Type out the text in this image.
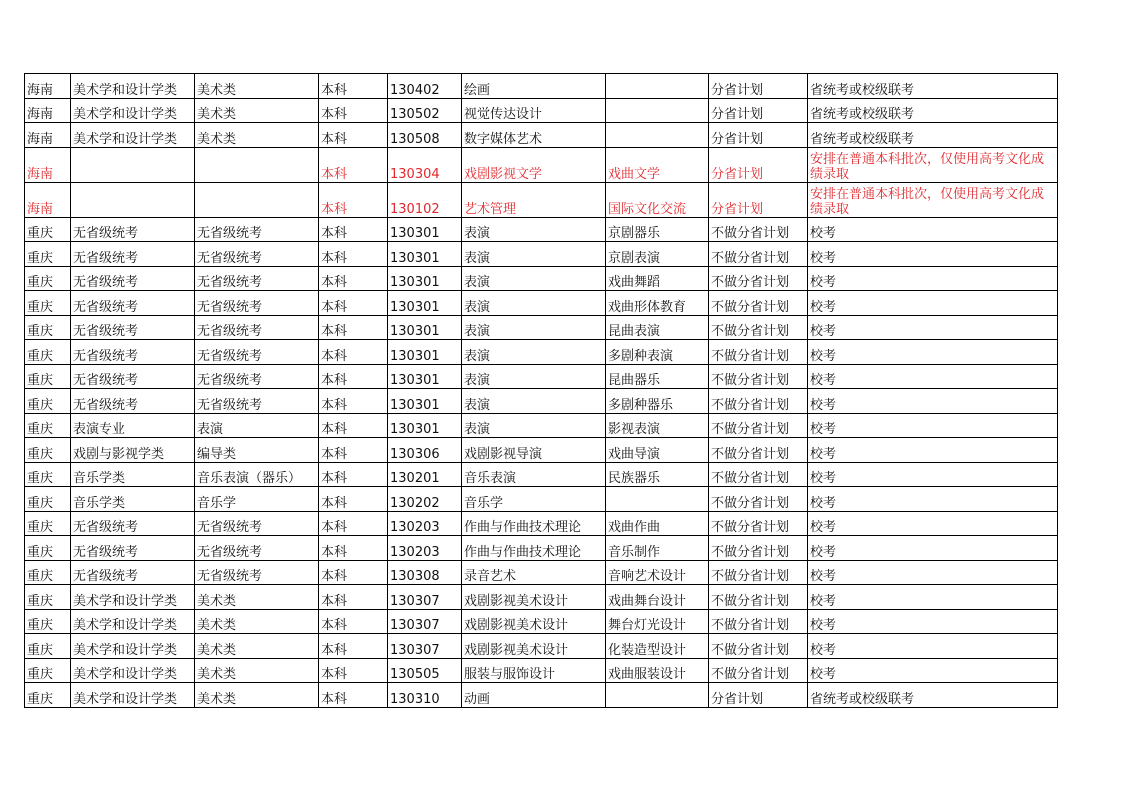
海南	美术学和设计学类	美术类	本科	130402	绘画		分省计划	省统考或校级联考
海南	美术学和设计学类	美术类	本科	130502	视觉传达设计		分省计划	省统考或校级联考
海南	美术学和设计学类	美术类	本科	130508	数字媒体艺术		分省计划	省统考或校级联考
海南			本科	130304	戏剧影视文学	戏曲文学	分省计划	安排在普通本科批次，仅使用高考文化成绩录取
海南			本科	130102	艺术管理	国际文化交流	分省计划	安排在普通本科批次，仅使用高考文化成绩录取
重庆	无省级统考	无省级统考	本科	130301	表演	京剧器乐	不做分省计划	校考
重庆	无省级统考	无省级统考	本科	130301	表演	京剧表演	不做分省计划	校考
重庆	无省级统考	无省级统考	本科	130301	表演	戏曲舞蹈	不做分省计划	校考
重庆	无省级统考	无省级统考	本科	130301	表演	戏曲形体教育	不做分省计划	校考
重庆	无省级统考	无省级统考	本科	130301	表演	昆曲表演	不做分省计划	校考
重庆	无省级统考	无省级统考	本科	130301	表演	多剧种表演	不做分省计划	校考
重庆	无省级统考	无省级统考	本科	130301	表演	昆曲器乐	不做分省计划	校考
重庆	无省级统考	无省级统考	本科	130301	表演	多剧种器乐	不做分省计划	校考
重庆	表演专业	表演	本科	130301	表演	影视表演	不做分省计划	校考
重庆	戏剧与影视学类	编导类	本科	130306	戏剧影视导演	戏曲导演	不做分省计划	校考
重庆	音乐学类	音乐表演（器乐）	本科	130201	音乐表演	民族器乐	不做分省计划	校考
重庆	音乐学类	音乐学	本科	130202	音乐学		不做分省计划	校考
重庆	无省级统考	无省级统考	本科	130203	作曲与作曲技术理论	戏曲作曲	不做分省计划	校考
重庆	无省级统考	无省级统考	本科	130203	作曲与作曲技术理论	音乐制作	不做分省计划	校考
重庆	无省级统考	无省级统考	本科	130308	录音艺术	音响艺术设计	不做分省计划	校考
重庆	美术学和设计学类	美术类	本科	130307	戏剧影视美术设计	戏曲舞台设计	不做分省计划	校考
重庆	美术学和设计学类	美术类	本科	130307	戏剧影视美术设计	舞台灯光设计	不做分省计划	校考
重庆	美术学和设计学类	美术类	本科	130307	戏剧影视美术设计	化装造型设计	不做分省计划	校考
重庆	美术学和设计学类	美术类	本科	130505	服装与服饰设计	戏曲服装设计	不做分省计划	校考
重庆	美术学和设计学类	美术类	本科	130310	动画		分省计划	省统考或校级联考
